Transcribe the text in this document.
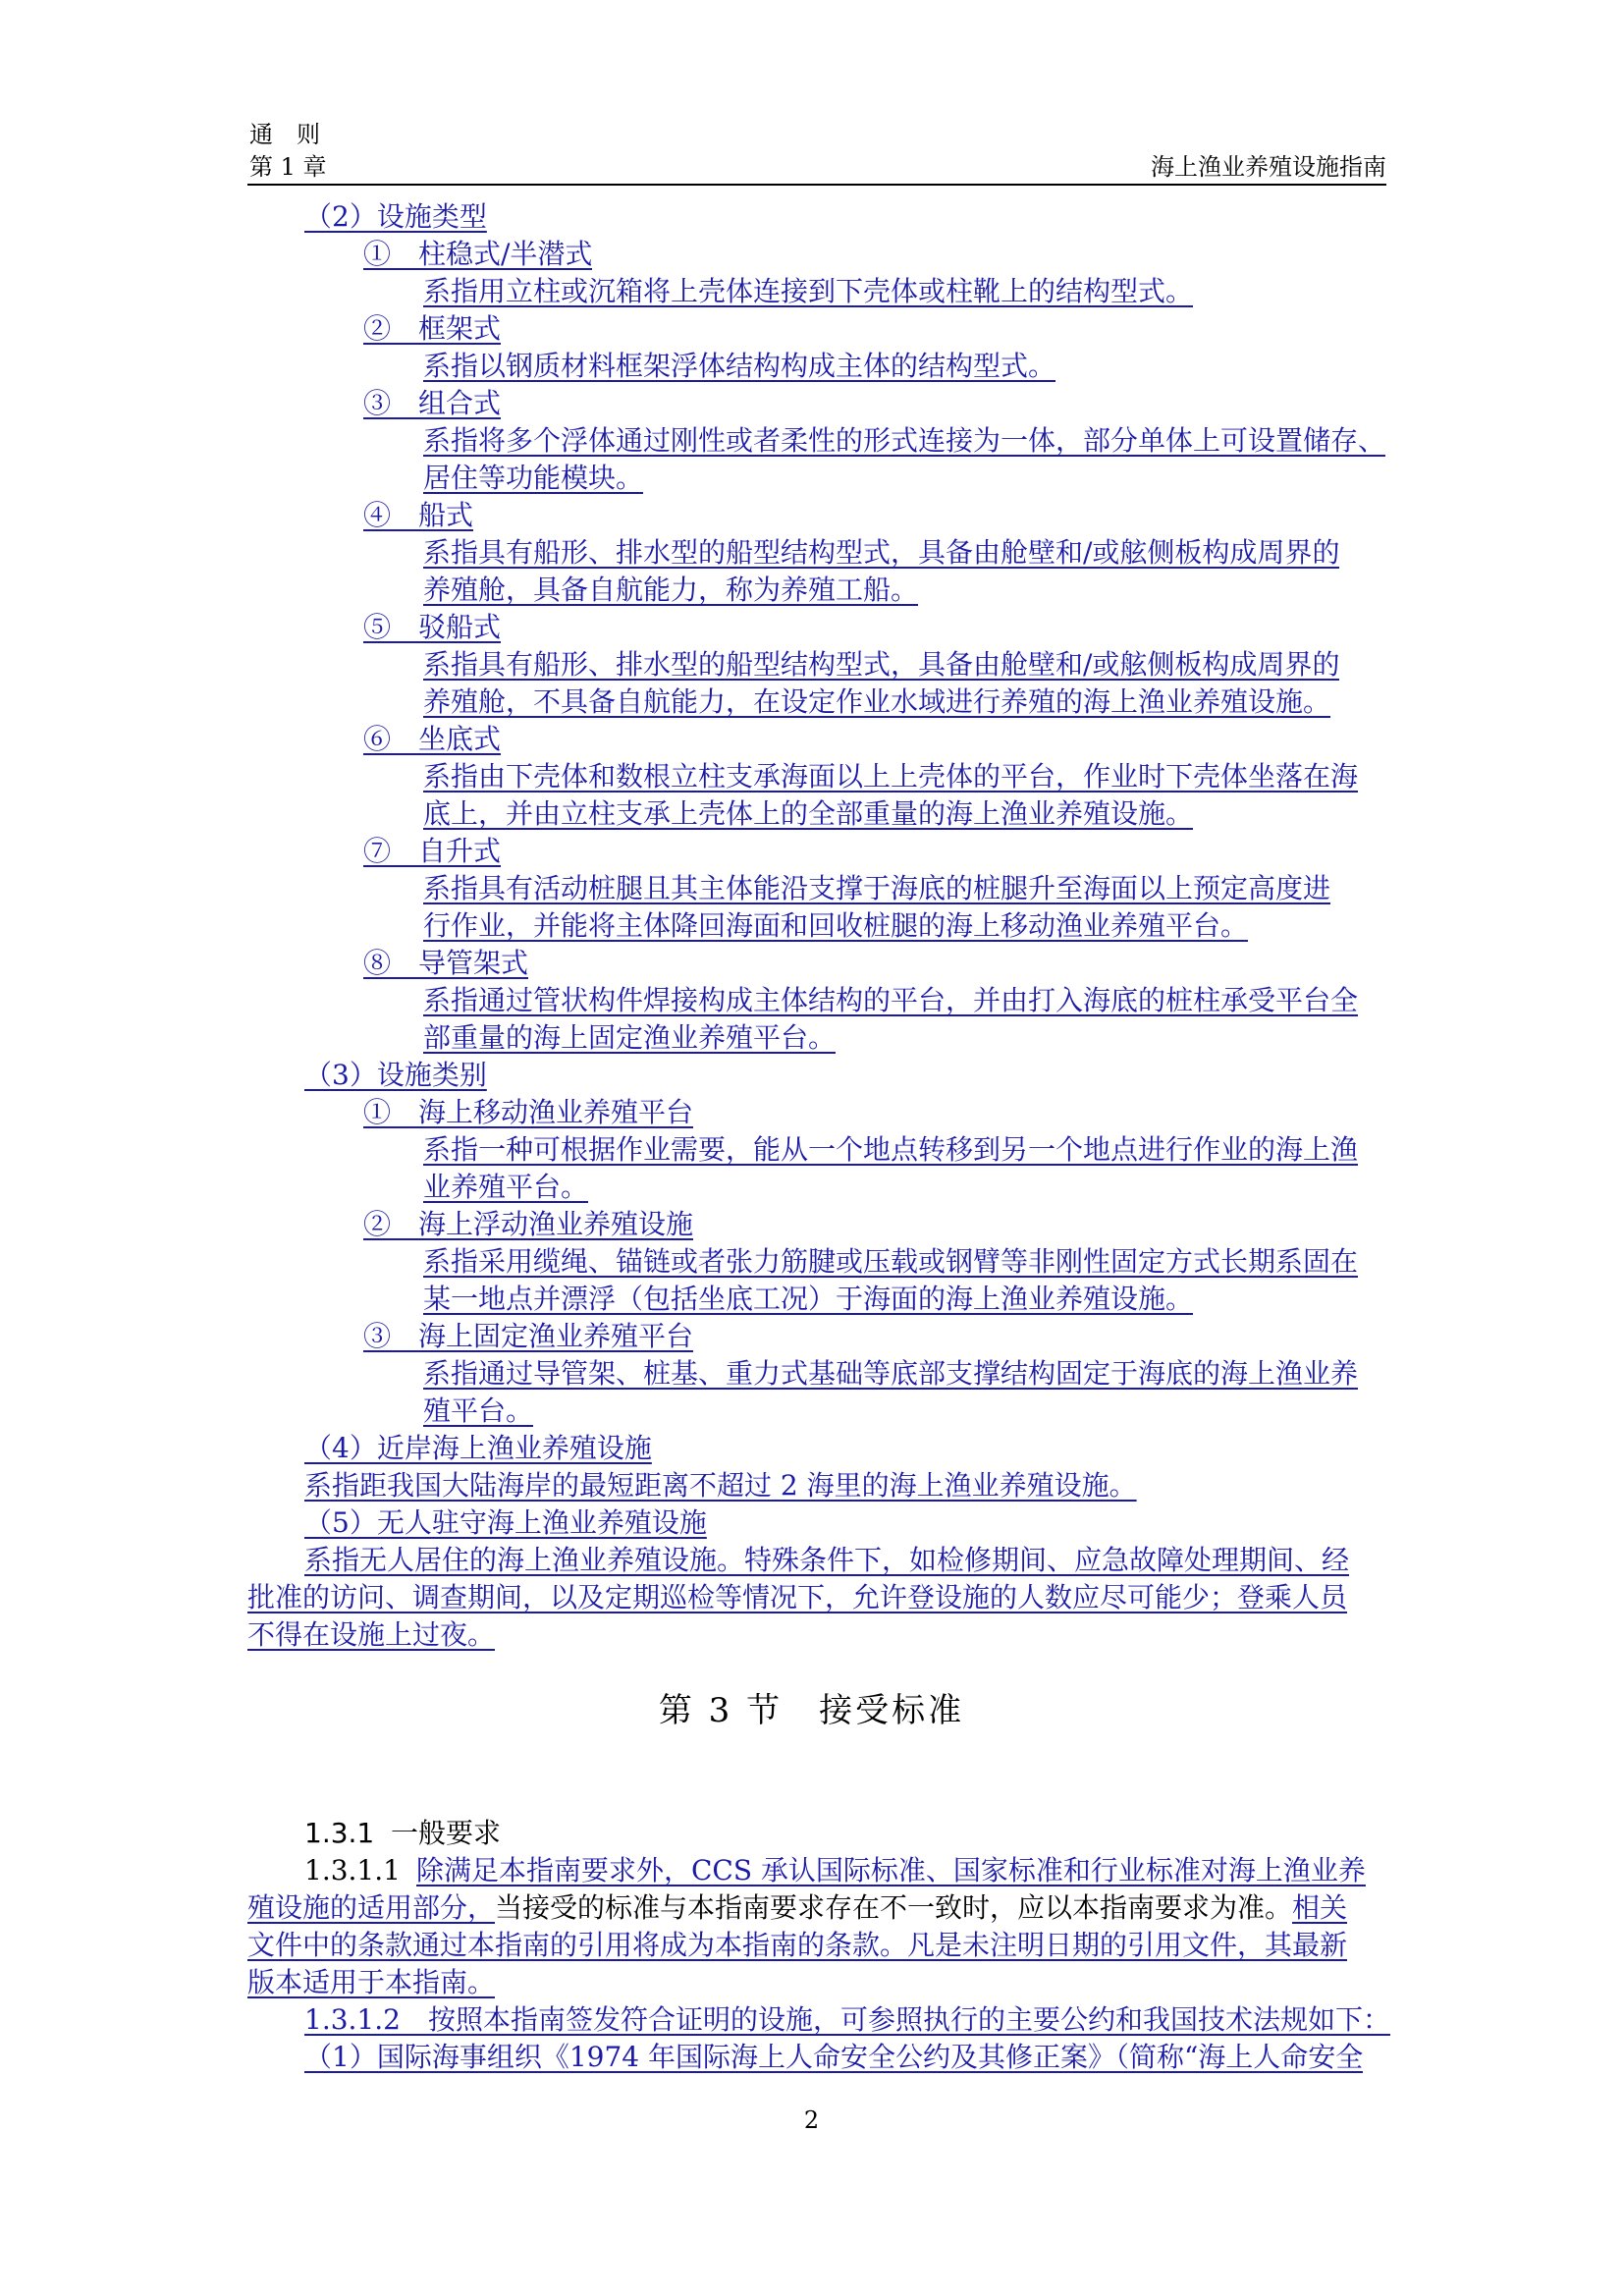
通　则
第 1 章	海上渔业养殖设施指南
（2）设施类型
①　柱稳式/半潜式
系指用立柱或沉箱将上壳体连接到下壳体或柱靴上的结构型式。
②　框架式
系指以钢质材料框架浮体结构构成主体的结构型式。
③　组合式
系指将多个浮体通过刚性或者柔性的形式连接为一体，部分单体上可设置储存、
居住等功能模块。
④　船式
系指具有船形、排水型的船型结构型式，具备由舱壁和/或舷侧板构成周界的
养殖舱，具备自航能力，称为养殖工船。
⑤　驳船式
系指具有船形、排水型的船型结构型式，具备由舱壁和/或舷侧板构成周界的
养殖舱，不具备自航能力，在设定作业水域进行养殖的海上渔业养殖设施。
⑥　坐底式
系指由下壳体和数根立柱支承海面以上上壳体的平台，作业时下壳体坐落在海
底上，并由立柱支承上壳体上的全部重量的海上渔业养殖设施。
⑦　自升式
系指具有活动桩腿且其主体能沿支撑于海底的桩腿升至海面以上预定高度进
行作业，并能将主体降回海面和回收桩腿的海上移动渔业养殖平台。
⑧　导管架式
系指通过管状构件焊接构成主体结构的平台，并由打入海底的桩柱承受平台全
部重量的海上固定渔业养殖平台。
（3）设施类别
①　海上移动渔业养殖平台
系指一种可根据作业需要，能从一个地点转移到另一个地点进行作业的海上渔
业养殖平台。
②　海上浮动渔业养殖设施
系指采用缆绳、锚链或者张力筋腱或压载或钢臂等非刚性固定方式长期系固在
某一地点并漂浮（包括坐底工况）于海面的海上渔业养殖设施。
③　海上固定渔业养殖平台
系指通过导管架、桩基、重力式基础等底部支撑结构固定于海底的海上渔业养
殖平台。
（4）近岸海上渔业养殖设施
系指距我国大陆海岸的最短距离不超过 2 海里的海上渔业养殖设施。
（5）无人驻守海上渔业养殖设施
系指无人居住的海上渔业养殖设施。特殊条件下，如检修期间、应急故障处理期间、经
批准的访问、调查期间，以及定期巡检等情况下，允许登设施的人数应尽可能少；登乘人员
不得在设施上过夜。
第 3 节　接受标准
1.3.1 一般要求
1.3.1.1 除满足本指南要求外，CCS 承认国际标准、国家标准和行业标准对海上渔业养
殖设施的适用部分，当接受的标准与本指南要求存在不一致时，应以本指南要求为准。相关
文件中的条款通过本指南的引用将成为本指南的条款。凡是未注明日期的引用文件，其最新
版本适用于本指南。
1.3.1.2　按照本指南签发符合证明的设施，可参照执行的主要公约和我国技术法规如下：
（1）国际海事组织《1974 年国际海上人命安全公约及其修正案》（简称“海上人命安全
2
